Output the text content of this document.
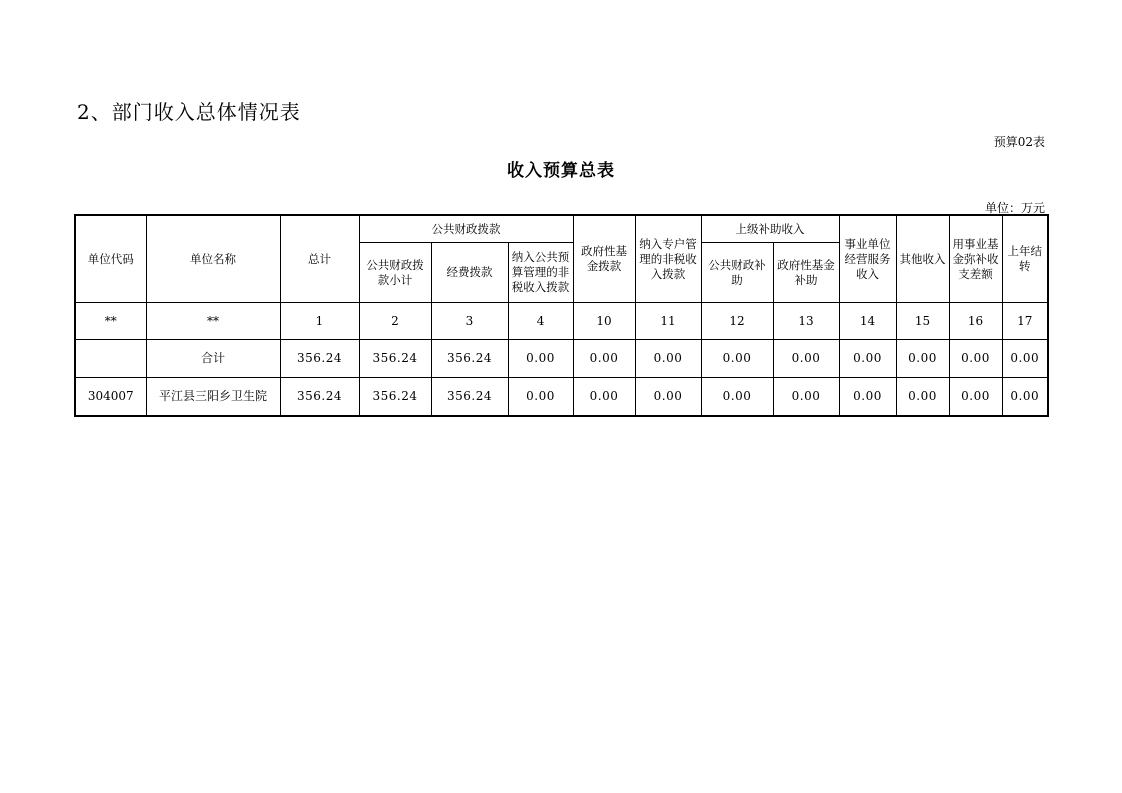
2、部门收入总体情况表
预算02表
收入预算总表
单位：万元
单位代码	单位名称	总计	公共财政拨款			政府性基金拨款	纳入专户管理的非税收入拨款	上级补助收入		事业单位经营服务收入	其他收入	用事业基金弥补收支差额	上年结转
			公共财政拨款小计	经费拨款	纳入公共预算管理的非税收入拨款								
								公共财政补助	政府性基金补助				
**	**	1	2	3	4	10	11	12	13	14	15	16	17
	合计	356.24	356.24	356.24	0.00	0.00	0.00	0.00	0.00	0.00	0.00	0.00	0.00
304007	平江县三阳乡卫生院	356.24	356.24	356.24	0.00	0.00	0.00	0.00	0.00	0.00	0.00	0.00	0.00
